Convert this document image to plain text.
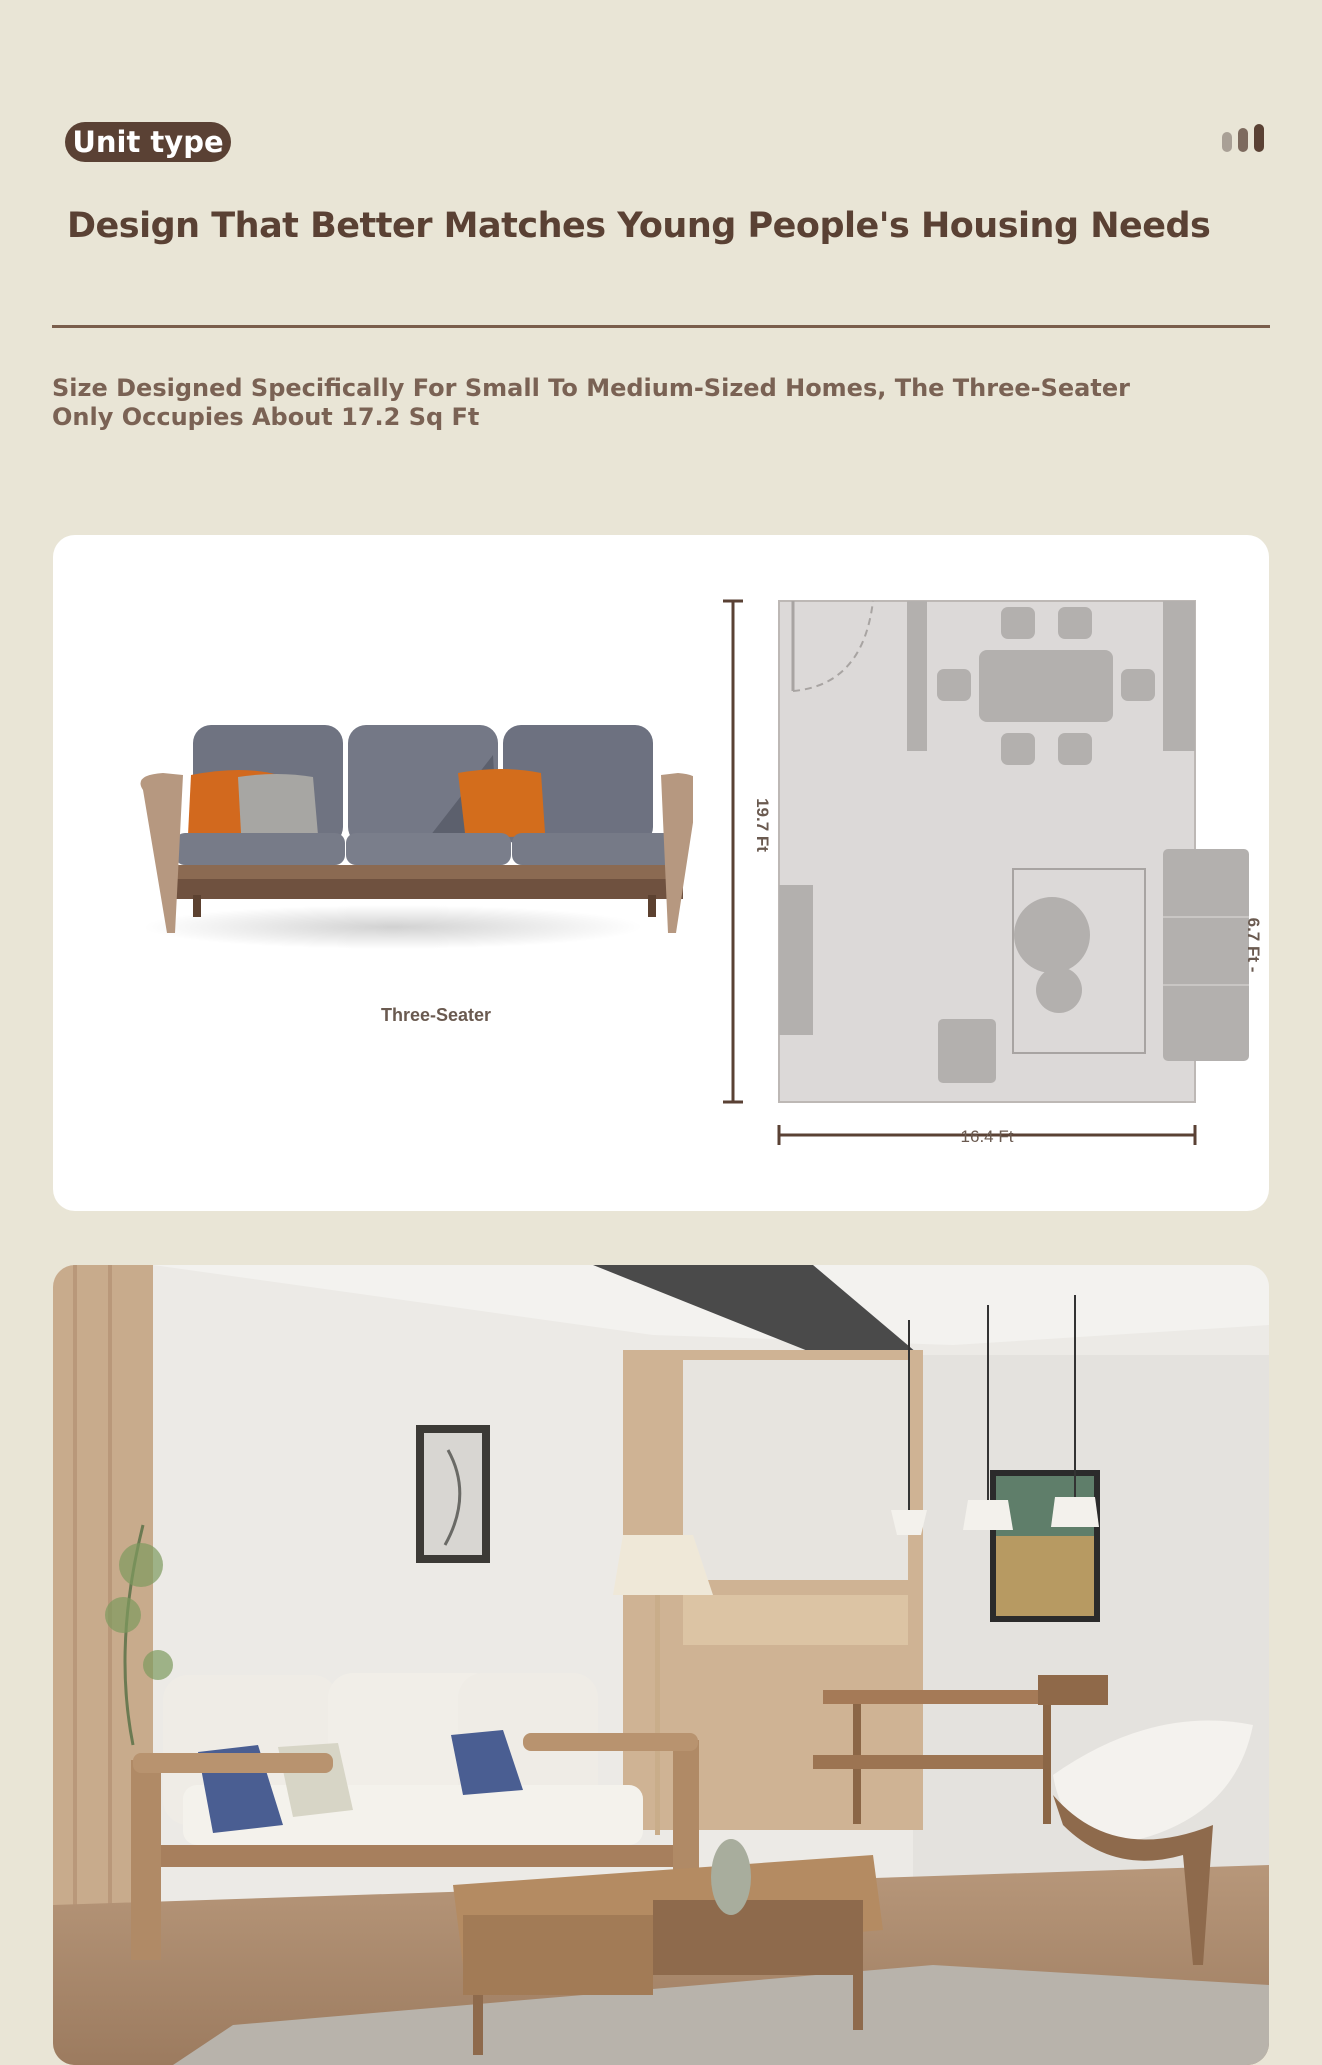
Unit type
Design That Better Matches Young People's Housing Needs

Size Designed Specifically For Small To Medium-Sized Homes, The Three-Seater Only Occupies About 17.2 Sq Ft

Three-Seater
19.7 Ft
16.4 Ft
6.7 Ft -
